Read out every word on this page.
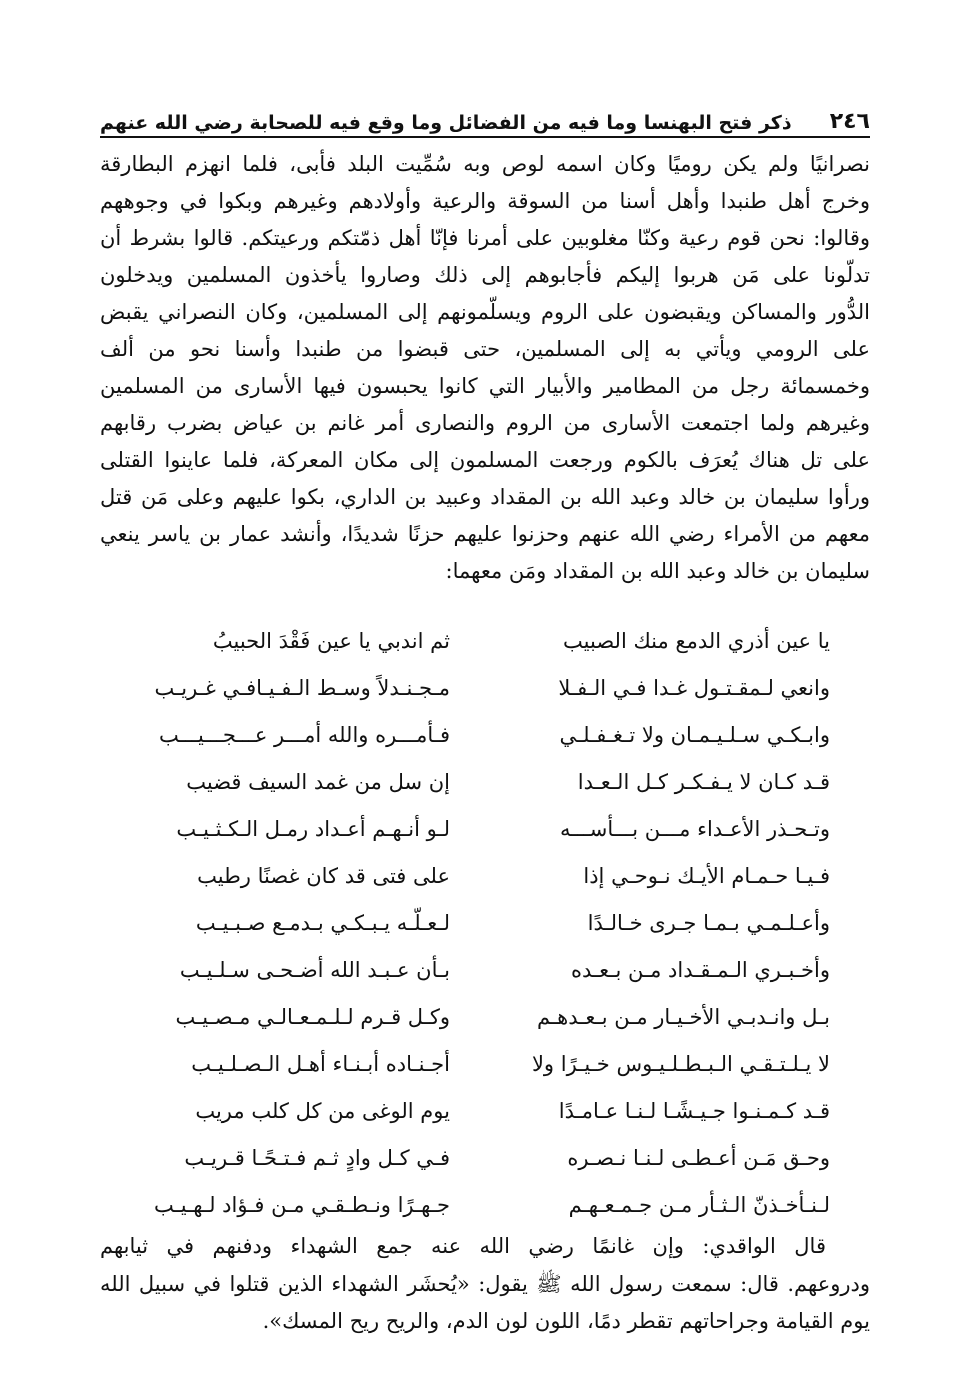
٢٤٦
ذكر فتح البهنسا وما فيه من الفضائل وما وقع فيه للصحابة رضي الله عنهم

نصرانيًا ولم يكن روميًا وكان اسمه لوص وبه سُمِّيت البلد فأبى، فلما انهزم البطارقة

وخرج أهل طنبدا وأهل أسنا من السوقة والرعية وأولادهم وغيرهم وبكوا في وجوههم

وقالوا: نحن قوم رعية وكنّا مغلوبين على أمرنا فإنّا أهل ذمّتكم ورعيتكم. قالوا بشرط أن

تدلّونا على مَن هربوا إليكم فأجابوهم إلى ذلك وصاروا يأخذون المسلمين ويدخلون

الدُّور والمساكن ويقبضون على الروم ويسلّمونهم إلى المسلمين، وكان النصراني يقبض

على الرومي ويأتي به إلى المسلمين، حتى قبضوا من طنبدا وأسنا نحو من ألف

وخمسمائة رجل من المطامير والأبيار التي كانوا يحبسون فيها الأسارى من المسلمين

وغيرهم ولما اجتمعت الأسارى من الروم والنصارى أمر غانم بن عياض بضرب رقابهم

على تل هناك يُعرَف بالكوم ورجعت المسلمون إلى مكان المعركة، فلما عاينوا القتلى

ورأوا سليمان بن خالد وعبد الله بن المقداد وعبيد بن الداري، بكوا عليهم وعلى مَن قتل

معهم من الأمراء رضي الله عنهم وحزنوا عليهم حزنًا شديدًا، وأنشد عمار بن ياسر ينعي

سليمان بن خالد وعبد الله بن المقداد ومَن معهما:

يا عين أذري الدمع منك الصبيب
ثم اندبي يا عين فَقْدَ الحبيبُ
وانعي لـمقـتـول غـدا فـي الـفـلا
مـجـنـدلاً وسـط الـفـيـافـي غـريـب
وابـكـي سـلـيـمـان ولا تـغـفـلـي
فـأمـــره والله أمـــر عـــجـــيـــب
قـد كـان لا يـفـكـر كـل الـعـدا
إن سل من غمد السيف قضيب
وتـحـذر الأعـداء مـــن بـــأســـه
لـو أنـهـم أعـداد رمـل الـكـثـيـب
فـيـا حـمـام الأيـك نـوحـي إذا
على فتى قد كان غصنًا رطيب
وأعـلـمـي بـمـا جـرى خـالـدًا
لـعـلّـه يـبـكـي بـدمـع صـبـيـب
وأخـبـري الـمـقـداد مـن بـعـده
بـأن عـبـد الله أضـحـى سـلـيـب
بـل وانـدبـي الأخـيـار مـن بـعـدهـم
وكـل قـرم لـلـمـعـالـي مـصـيـب
لا يـلـتـقـي الـبـطـلـيـوس خـيـرًا ولا
أجـنـاده أبـنـاء أهـل الـصـلـيـب
قـد كـمـنـوا جـيـشًـا لـنـا عـامـدًا
يوم الوغى من كل كلب مريب
وحـق مَـن أعـطـى لـنـا نـصـره
فـي كـل وادٍ ثـم فـتـحًـا قـريـب
لـنـأخـذنّ الـثـأر مـن جـمـعـهـم
جـهـرًا ونـطـقـي مـن فـؤاد لـهـيـب

قال الواقدي: وإن غانمًا رضي الله عنه جمع الشهداء ودفنهم في ثيابهم

ودروعهم. قال: سمعت رسول الله ﷺ يقول: «يُحشَر الشهداء الذين قتلوا في سبيل الله

يوم القيامة وجراحاتهم تقطر دمًا، اللون لون الدم، والريح ريح المسك».
